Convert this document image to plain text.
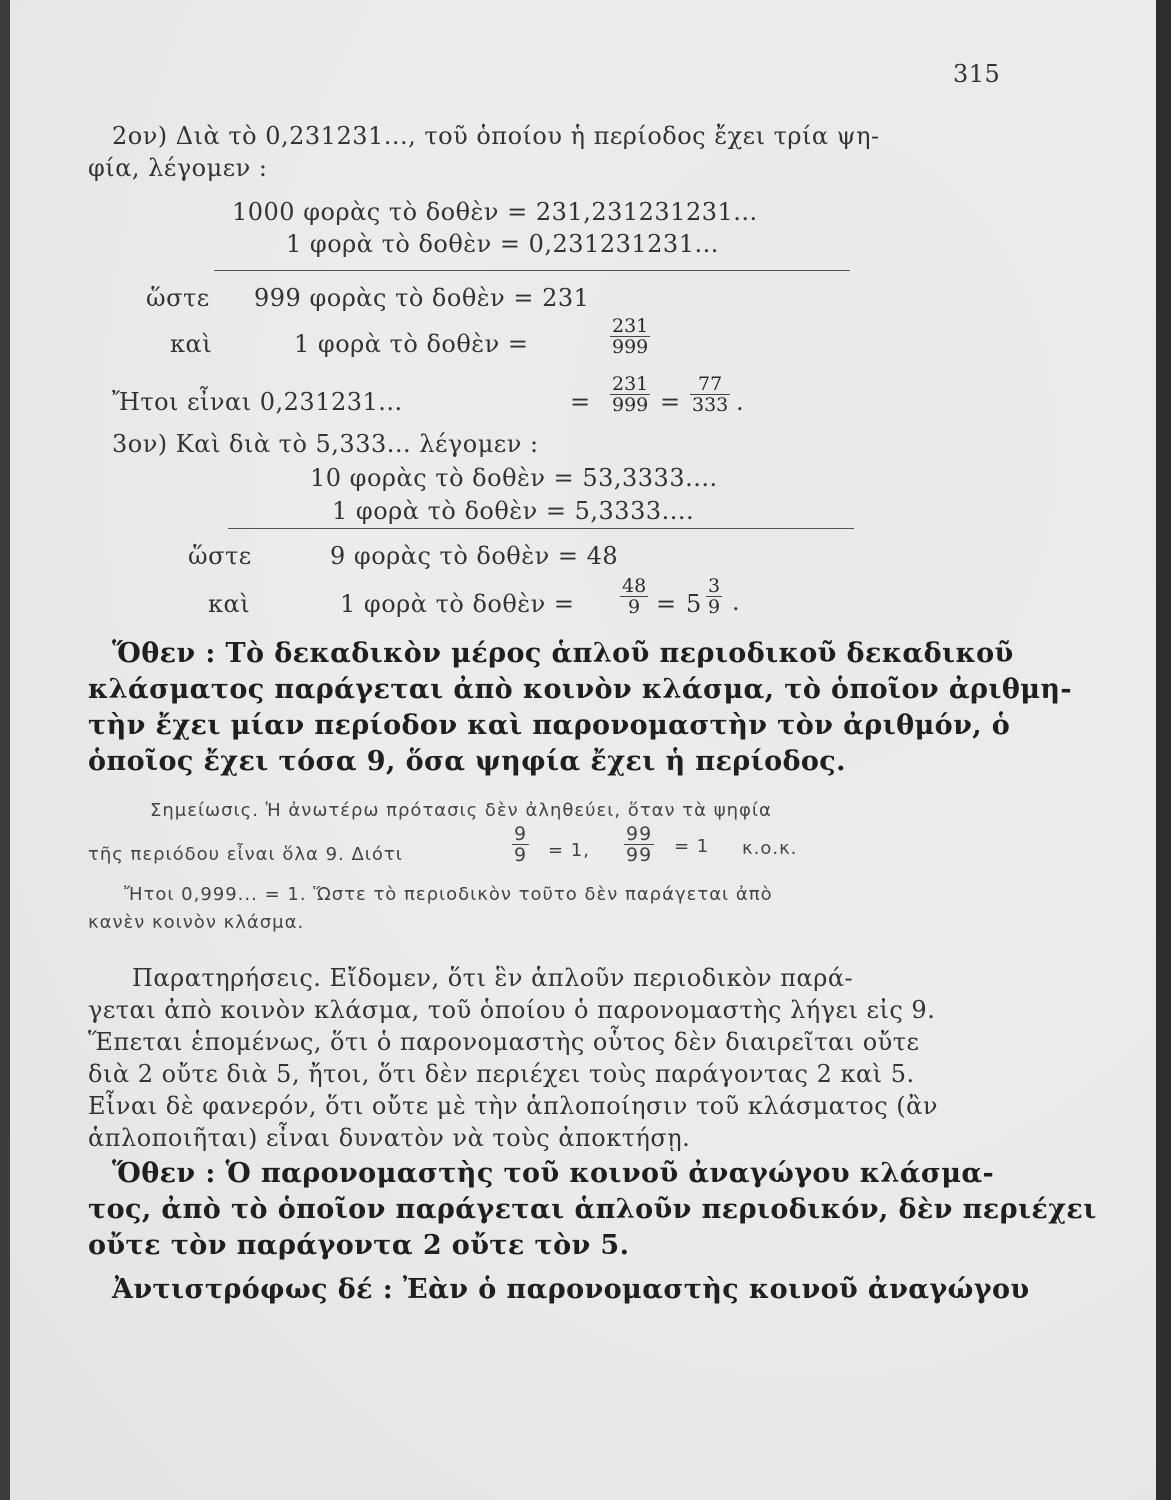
315
2ον) Διὰ τὸ 0,231231..., τοῦ ὁποίου ἡ περίοδος ἔχει τρία ψη-
φία, λέγομεν :
1000 φορὰς τὸ δοθὲν = 231,231231231...
1 φορὰ τὸ δοθὲν = 0,231231231...
ὥστε 999 φορὰς τὸ δοθὲν = 231
καὶ	1 φορὰ τὸ δοθὲν =	$\frac{231}{999}$
Ἤτοι εἶναι 0,231231...	= $\frac{231}{999} = \frac{77}{333}$ .
3ον) Καὶ διὰ τὸ 5,333... λέγομεν :
10 φορὰς τὸ δοθὲν = 53,3333....
1 φορὰ τὸ δοθὲν = 5,3333....
ὥστε	9 φορὰς τὸ δοθὲν = 48
καὶ	1 φορὰ τὸ δοθὲν = $\frac{48}{9} = 5 \frac{3}{9}$ .
Ὅθεν : Τὸ δεκαδικὸν μέρος ἁπλοῦ περιοδικοῦ δεκαδικοῦ
κλάσματος παράγεται ἀπὸ κοινὸν κλάσμα, τὸ ὁποῖον ἀριθμη-
τὴν ἔχει μίαν περίοδον καὶ παρονομαστὴν τὸν ἀριθμόν, ὁ
ὁποῖος ἔχει τόσα 9, ὅσα ψηφία ἔχει ἡ περίοδος.
Σημείωσις. Ἡ ἀνωτέρω πρότασις δὲν ἀληθεύει, ὅταν τὰ ψηφία
τῆς περιόδου εἶναι ὅλα 9. Διότι	$\frac{9}{9} = 1$, $\frac{99}{99} = 1$ κ.ο.κ.
Ἤτοι 0,999... = 1. Ὥστε τὸ περιοδικὸν τοῦτο δὲν παράγεται ἀπὸ
κανὲν κοινὸν κλάσμα.
Παρατηρήσεις. Εἴδομεν, ὅτι ἓν ἁπλοῦν περιοδικὸν παρά-
γεται ἀπὸ κοινὸν κλάσμα, τοῦ ὁποίου ὁ παρονομαστὴς λήγει εἰς 9.
Ἕπεται ἑπομένως, ὅτι ὁ παρονομαστὴς οὗτος δὲν διαιρεῖται οὔτε
διὰ 2 οὔτε διὰ 5, ἤτοι, ὅτι δὲν περιέχει τοὺς παράγοντας 2 καὶ 5.
Εἶναι δὲ φανερόν, ὅτι οὔτε μὲ τὴν ἁπλοποίησιν τοῦ κλάσματος (ἂν
ἁπλοποιῆται) εἶναι δυνατὸν νὰ τοὺς ἀποκτήσῃ.
Ὅθεν : Ὁ παρονομαστὴς τοῦ κοινοῦ ἀναγώγου κλάσμα-
τος, ἀπὸ τὸ ὁποῖον παράγεται ἁπλοῦν περιοδικόν, δὲν περιέχει
οὔτε τὸν παράγοντα 2 οὔτε τὸν 5.
Ἀντιστρόφως δέ : Ἐὰν ὁ παρονομαστὴς κοινοῦ ἀναγώγου
